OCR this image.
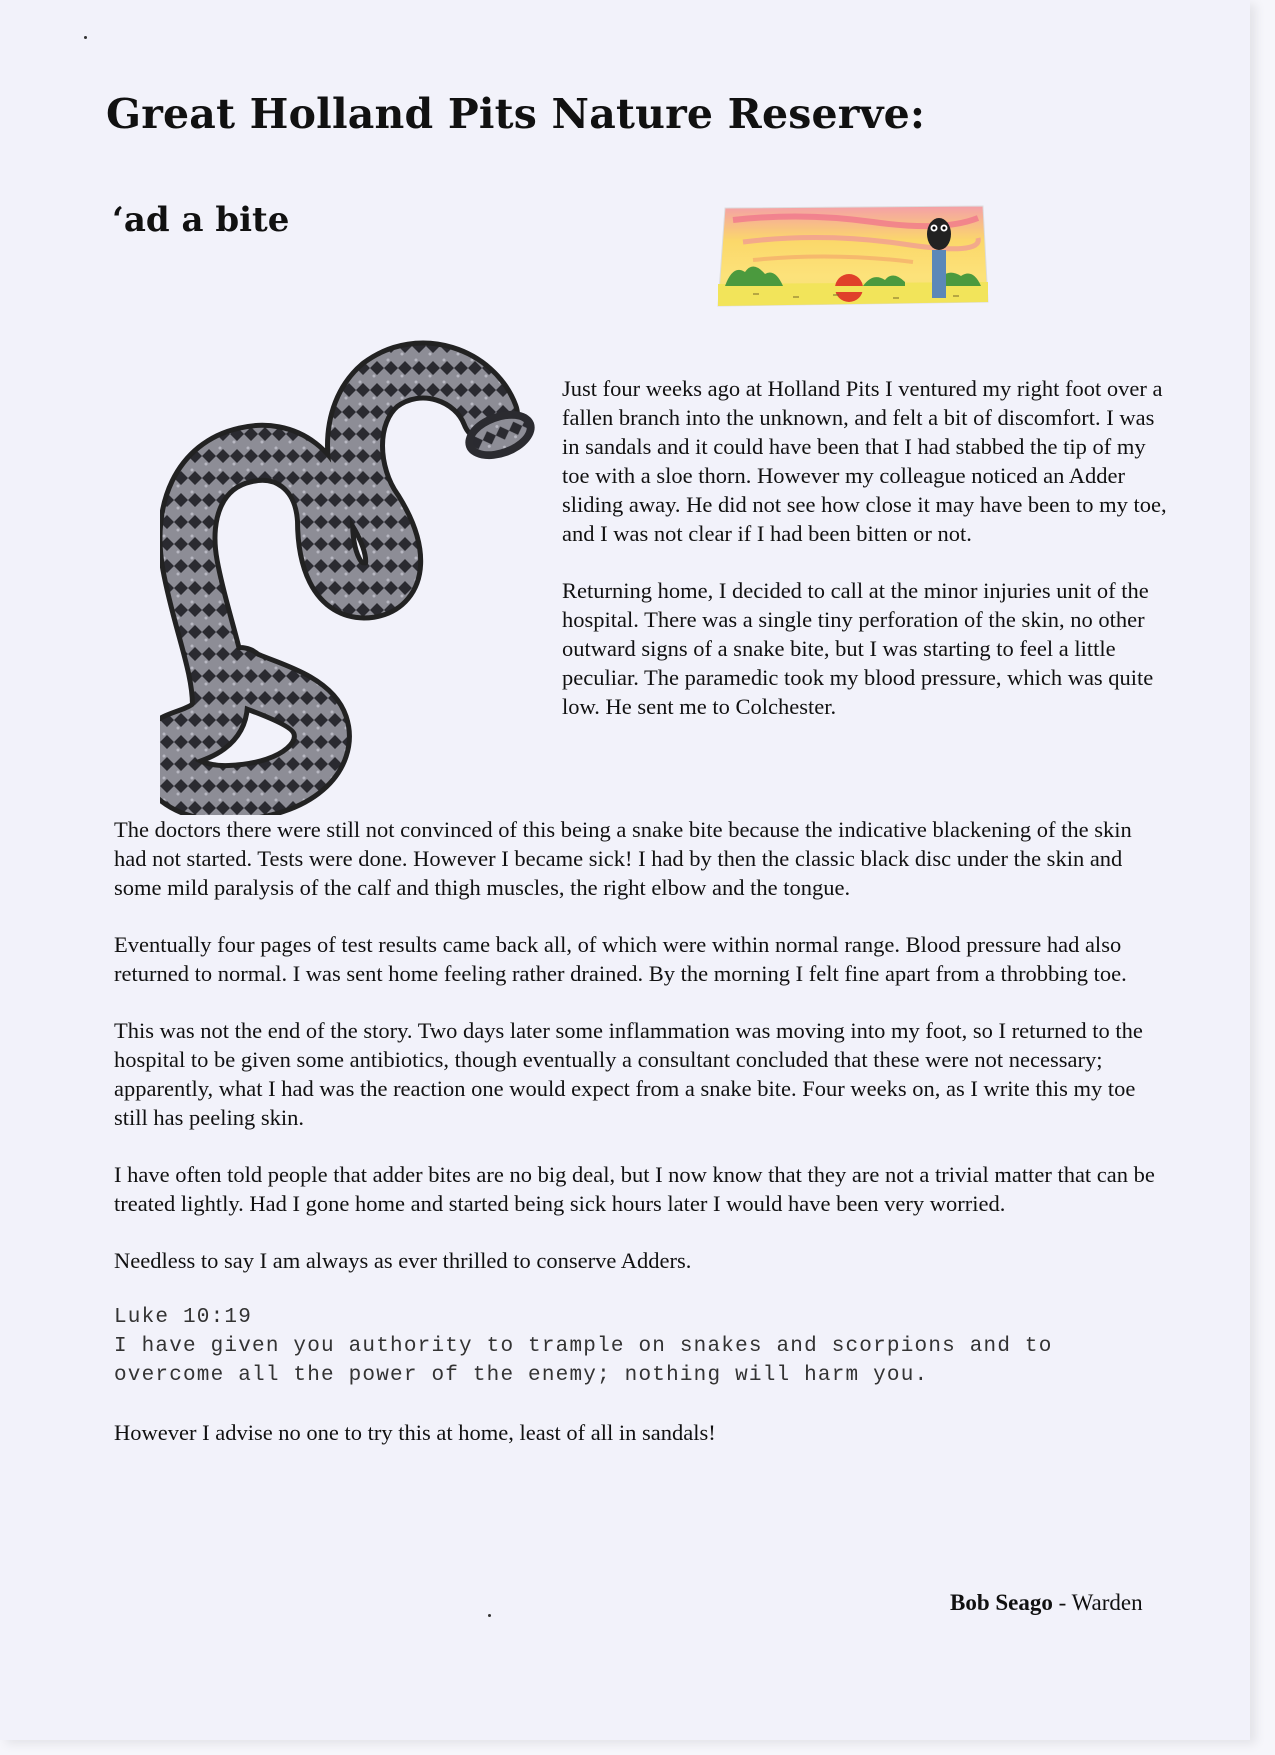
Great Holland Pits Nature Reserve:
‘ad a bite

Just four weeks ago at Holland Pits I ventured my right foot over a fallen branch into the unknown, and felt a bit of discomfort. I was in sandals and it could have been that I had stabbed the tip of my toe with a sloe thorn. However my colleague noticed an Adder sliding away. He did not see how close it may have been to my toe, and I was not clear if I had been bitten or not.

Returning home, I decided to call at the minor injuries unit of the hospital. There was a single tiny perforation of the skin, no other outward signs of a snake bite, but I was starting to feel a little peculiar. The paramedic took my blood pressure, which was quite low. He sent me to Colchester.

The doctors there were still not convinced of this being a snake bite because the indicative blackening of the skin had not started. Tests were done. However I became sick! I had by then the classic black disc under the skin and some mild paralysis of the calf and thigh muscles, the right elbow and the tongue.

Eventually four pages of test results came back all, of which were within normal range. Blood pressure had also returned to normal. I was sent home feeling rather drained. By the morning I felt fine apart from a throbbing toe.

This was not the end of the story. Two days later some inflammation was moving into my foot, so I returned to the hospital to be given some antibiotics, though eventually a consultant concluded that these were not necessary; apparently, what I had was the reaction one would expect from a snake bite. Four weeks on, as I write this my toe still has peeling skin.

I have often told people that adder bites are no big deal, but I now know that they are not a trivial matter that can be treated lightly. Had I gone home and started being sick hours later I would have been very worried.

Needless to say I am always as ever thrilled to conserve Adders.

Luke 10:19
I have given you authority to trample on snakes and scorpions and to overcome all the power of the enemy; nothing will harm you.

However I advise no one to try this at home, least of all in sandals!

Bob Seago - Warden
